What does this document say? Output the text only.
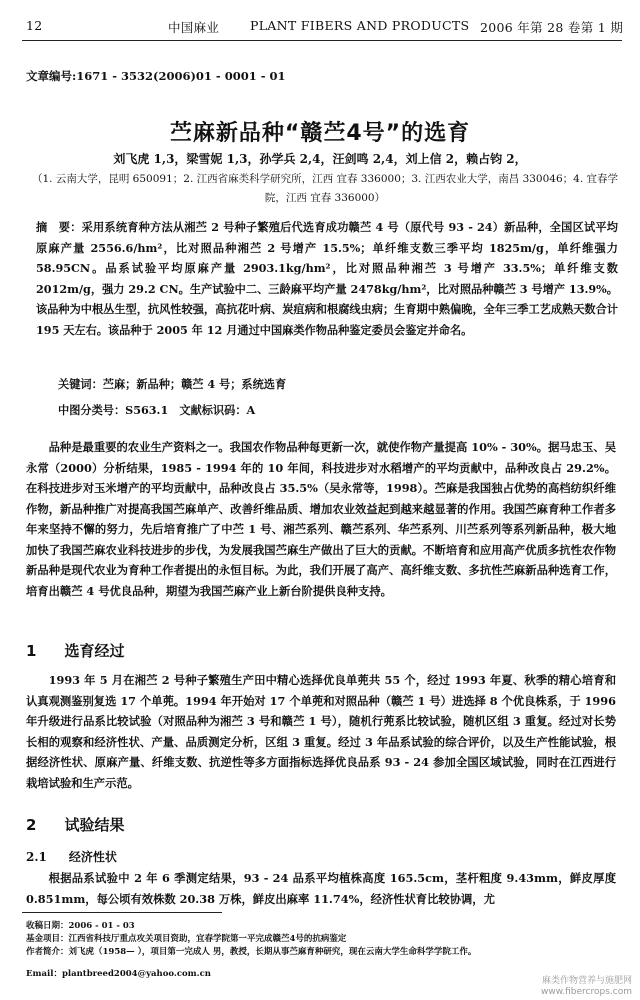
12	中国麻业 PLANT FIBERS AND PRODUCTS 2006 年第 28 卷第 1 期
文章编号:1671 - 3532(2006)01 - 0001 - 01
苎麻新品种“赣苎4号”的选育
刘飞虎 1,3，梁雪妮 1,3，孙学兵 2,4，汪剑鸣 2,4，刘上信 2，赖占钧 2，
（1. 云南大学，昆明 650091；2. 江西省麻类科学研究所，江西 宜春 336000；3. 江西农业大学，南昌 330046；4. 宜春学院，江西 宜春 336000）
摘　要：采用系统育种方法从湘苎 2 号种子繁殖后代选育成功赣苎 4 号（原代号 93 - 24）新品种，全国区试平均原麻产量 2556.6/hm²，比对照品种湘苎 2 号增产 15.5%；单纤维支数三季平均 1825m/g，单纤维强力 58.95CN。品系试验平均原麻产量 2903.1kg/hm²，比对照品种湘苎 3 号增产 33.5%；单纤维支数 2012m/g，强力 29.2 CN。生产试验中二、三龄麻平均产量 2478kg/hm²，比对照品种赣苎 3 号增产 13.9%。该品种为中根丛生型，抗风性较强，高抗花叶病、炭疽病和根腐线虫病；生育期中熟偏晚，全年三季工艺成熟天数合计 195 天左右。该品种于 2005 年 12 月通过中国麻类作物品种鉴定委员会鉴定并命名。
关键词：苎麻；新品种；赣苎 4 号；系统选育
中图分类号：S563.1　文献标识码：A
品种是最重要的农业生产资料之一。我国农作物品种每更新一次，就使作物产量提高 10% - 30%。据马忠玉、吴永常（2000）分析结果，1985 - 1994 年的 10 年间，科技进步对水稻增产的平均贡献中，品种改良占 29.2%。在科技进步对玉米增产的平均贡献中，品种改良占 35.5%（吴永常等，1998）。苎麻是我国独占优势的高档纺织纤维作物，新品种推广对提高我国苎麻单产、改善纤维品质、增加农业效益起到越来越显著的作用。我国苎麻育种工作者多年来坚持不懈的努力，先后培育推广了中苎 1 号、湘苎系列、赣苎系列、华苎系列、川苎系列等系列新品种，极大地加快了我国苎麻农业科技进步的步伐，为发展我国苎麻生产做出了巨大的贡献。不断培育和应用高产优质多抗性农作物新品种是现代农业为育种工作者提出的永恒目标。为此，我们开展了高产、高纤维支数、多抗性苎麻新品种选育工作，培育出赣苎 4 号优良品种，期望为我国苎麻产业上新台阶提供良种支持。
1 选育经过
1993 年 5 月在湘苎 2 号种子繁殖生产田中精心选择优良单蔸共 55 个，经过 1993 年夏、秋季的精心培育和认真观测鉴别复选 17 个单蔸。1994 年开始对 17 个单蔸和对照品种（赣苎 1 号）进选择 8 个优良株系，于 1996 年升级进行品系比较试验（对照品种为湘苎 3 号和赣苎 1 号），随机行蔸系比较试验，随机区组 3 重复。经过对长势长相的观察和经济性状、产量、品质测定分析，区组 3 重复。经过 3 年品系试验的综合评价，以及生产性能试验，根据经济性状、原麻产量、纤维支数、抗逆性等多方面指标选择优良品系 93 - 24 参加全国区域试验，同时在江西进行栽培试验和生产示范。
2 试验结果
2.1 经济性状
根据品系试验中 2 年 6 季测定结果，93 - 24 品系平均植株高度 165.5cm，茎杆粗度 9.43mm，鲜皮厚度 0.851mm，每公顷有效株数 20.38 万株，鲜皮出麻率 11.74%，经济性状育比较协调，尤
收稿日期：2006 - 01 - 03
基金项目：江西省科技厅重点攻关项目资助，宜春学院第一平完成赣苎4号的抗病鉴定
作者简介：刘飞虎（1958— ），项目第一完成人 男，教授，长期从事苎麻育种研究，现在云南大学生命科学学院工作。
Email：plantbreed2004@yahoo.com.cn
麻类作物营养与施肥网
www.fibercrops.com
